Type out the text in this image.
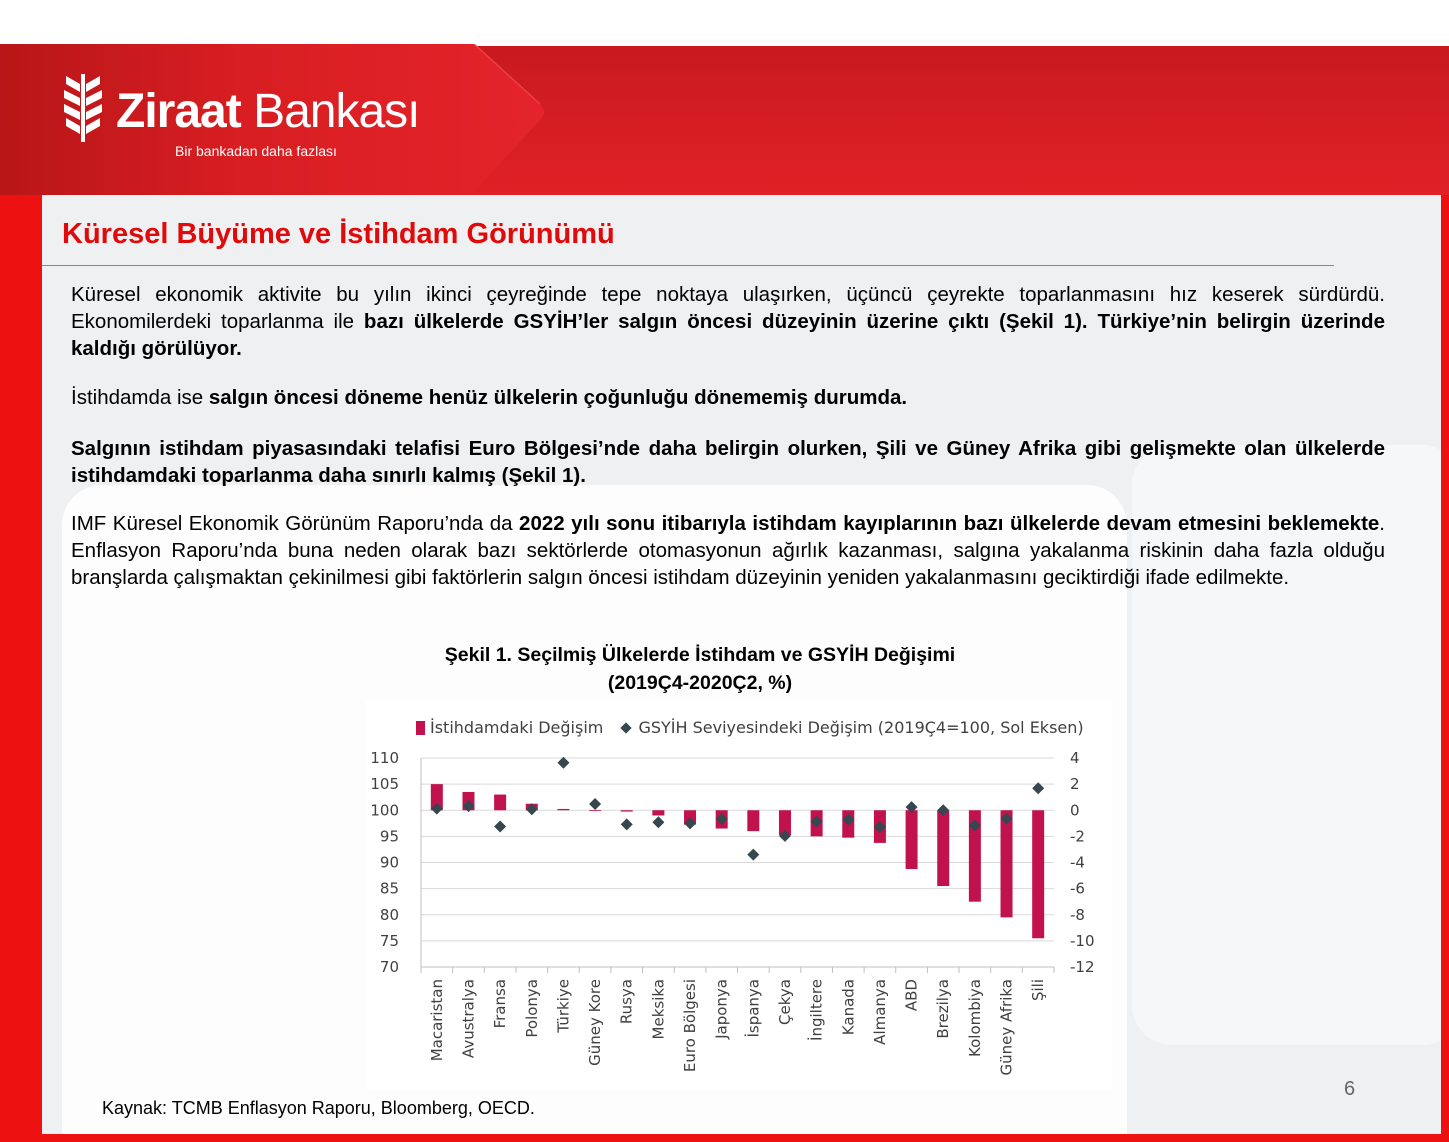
Ziraat Bankası
Bir bankadan daha fazlası
Küresel Büyüme ve İstihdam Görünümü

Küresel ekonomik aktivite bu yılın ikinci çeyreğinde tepe noktaya ulaşırken, üçüncü çeyrekte toparlanmasını hız keserek sürdürdü. Ekonomilerdeki toparlanma ile bazı ülkelerde GSYİH’ler salgın öncesi düzeyinin üzerine çıktı (Şekil 1). Türkiye’nin belirgin üzerinde kaldığı görülüyor.

İstihdamda ise salgın öncesi döneme henüz ülkelerin çoğunluğu dönememiş durumda.

Salgının istihdam piyasasındaki telafisi Euro Bölgesi’nde daha belirgin olurken, Şili ve Güney Afrika gibi gelişmekte olan ülkelerde istihdamdaki toparlanma daha sınırlı kalmış (Şekil 1).

IMF Küresel Ekonomik Görünüm Raporu’nda da 2022 yılı sonu itibarıyla istihdam kayıplarının bazı ülkelerde devam etmesini beklemekte. Enflasyon Raporu’nda buna neden olarak bazı sektörlerde otomasyonun ağırlık kazanması, salgına yakalanma riskinin daha fazla olduğu branşlarda çalışmaktan çekinilmesi gibi faktörlerin salgın öncesi istihdam düzeyinin yeniden yakalanmasını geciktirdiği ifade edilmekte.

Şekil 1. Seçilmiş Ülkelerde İstihdam ve GSYİH Değişimi
(2019Ç4-2020Ç2, %)
İstihdamdaki Değişim GSYİH Seviyesindeki Değişim (2019Ç4=100, Sol Eksen)
110
105
100
95
90
85
80
75
70
4
2
0
-2
-4
-6
-8
-10
-12
Macaristan Avustralya Fransa Polonya Türkiye Güney Kore Rusya Meksika Euro Bölgesi Japonya İspanya Çekya İngiltere Kanada Almanya ABD Brezilya Kolombiya Güney Afrika Şili
Kaynak: TCMB Enflasyon Raporu, Bloomberg, OECD.
6
